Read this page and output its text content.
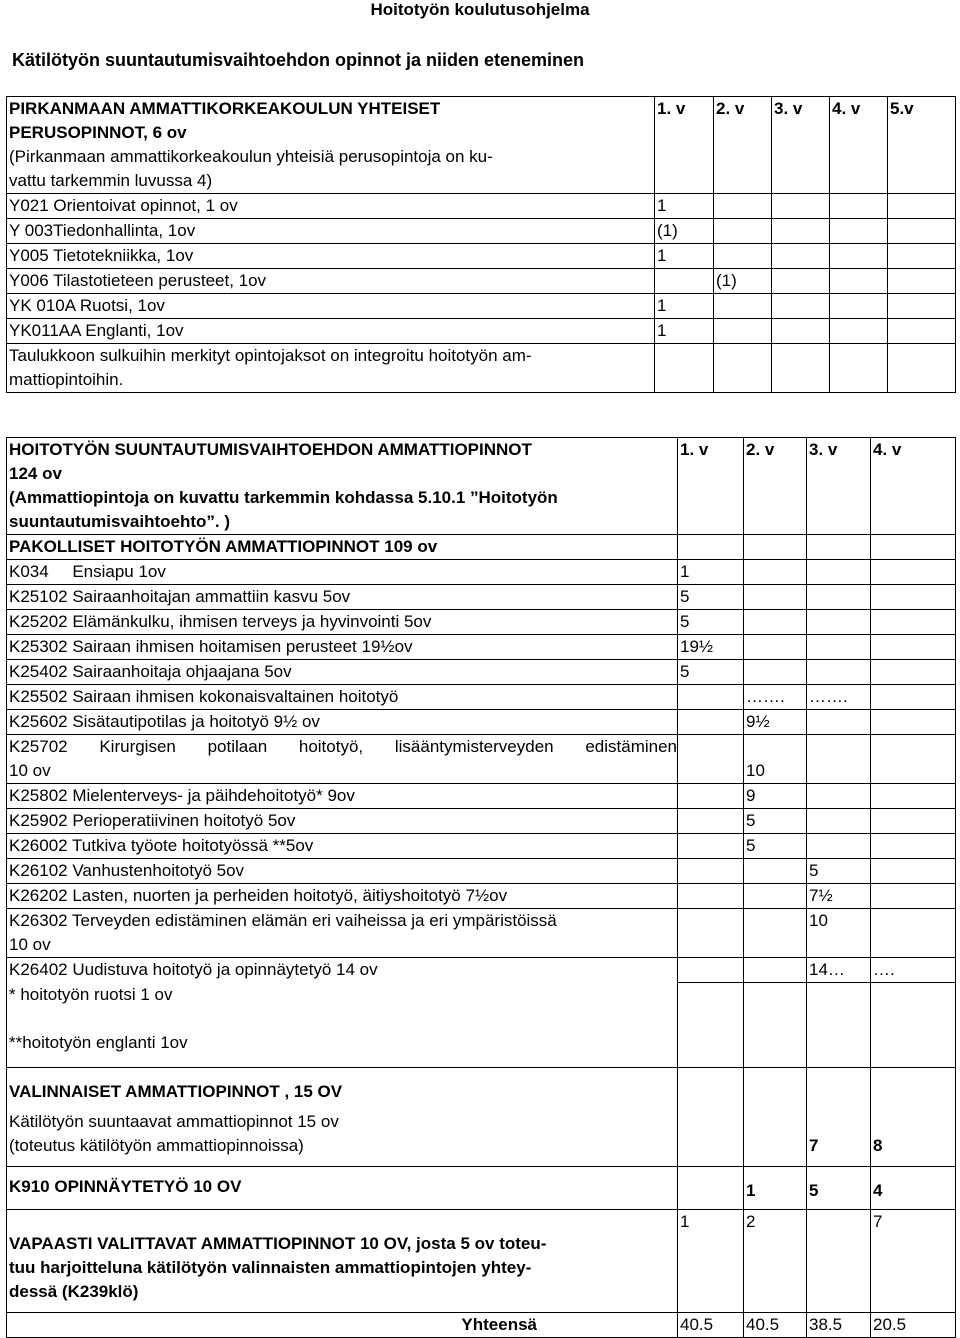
Hoitotyön koulutusohjelma
Kätilötyön suuntautumisvaihtoehdon opinnot ja niiden eteneminen
PIRKANMAAN AMMATTIKORKEAKOULUN YHTEISET
PERUSOPINNOT, 6 ov
(Pirkanmaan ammattikorkeakoulun yhteisiä perusopintoja on ku-
vattu tarkemmin luvussa 4)	1. v	2. v	3. v	4. v	5.v
Y021 Orientoivat opinnot, 1 ov	1				
Y 003Tiedonhallinta, 1ov	(1)				
Y005 Tietotekniikka, 1ov	1				
Y006 Tilastotieteen perusteet, 1ov		(1)			
YK 010A Ruotsi, 1ov	1				
YK011AA Englanti, 1ov	1				

Taulukkoon sulkuihin merkityt opintojaksot on integroitu hoitotyön am-
mattiopintoihin.					

HOITOTYÖN SUUNTAUTUMISVAIHTOEHDON AMMATTIOPINNOT
124 ov
(Ammattiopintoja on kuvattu tarkemmin kohdassa 5.10.1 ”Hoitotyön
suuntautumisvaihtoehto”. )	1. v	2. v	3. v	4. v
PAKOLLISET HOITOTYÖN AMMATTIOPINNOT 109 ov				
K034     Ensiapu 1ov	1			
K25102 Sairaanhoitajan ammattiin kasvu 5ov	5			
K25202 Elämänkulku, ihmisen terveys ja hyvinvointi 5ov	5			
K25302 Sairaan ihmisen hoitamisen perusteet 19½ov	19½			
K25402 Sairaanhoitaja ohjaajana 5ov	5			
K25502 Sairaan ihmisen kokonaisvaltainen hoitotyö		…….	…….	
K25602 Sisätautipotilas ja hoitotyö 9½ ov		9½		

K25702 Kirurgisen potilaan hoitotyö, lisääntymisterveyden edistäminen
10 ov		10		
K25802 Mielenterveys- ja päihdehoitotyö* 9ov		9		
K25902 Perioperatiivinen hoitotyö 5ov		5		
K26002 Tutkiva työote hoitotyössä **5ov		5		
K26102 Vanhustenhoitotyö 5ov			5	
K26202 Lasten, nuorten ja perheiden hoitotyö, äitiyshoitotyö 7½ov			7½	

K26302 Terveyden edistäminen elämän eri vaiheissa ja eri ympäristöissä
10 ov			10	
K26402 Uudistuva hoitotyö ja opinnäytetyö 14 ov			14…	….

* hoitotyön ruotsi 1 ov
**hoitotyön englanti 1ov				

VALINNAISET AMMATTIOPINNOT , 15 OV
Kätilötyön suuntaavat ammattiopinnot 15 ov
(toteutus kätilötyön ammattiopinnoissa)			7	8
K910 OPINNÄYTETYÖ 10 OV		1	5	4

VAPAASTI VALITTAVAT AMMATTIOPINNOT 10 OV, josta 5 ov toteu-
tuu harjoitteluna kätilötyön valinnaisten ammattiopintojen yhtey-
dessä (K239klö)	1	2		7
Yhteensä	40.5	40.5	38.5	20.5
